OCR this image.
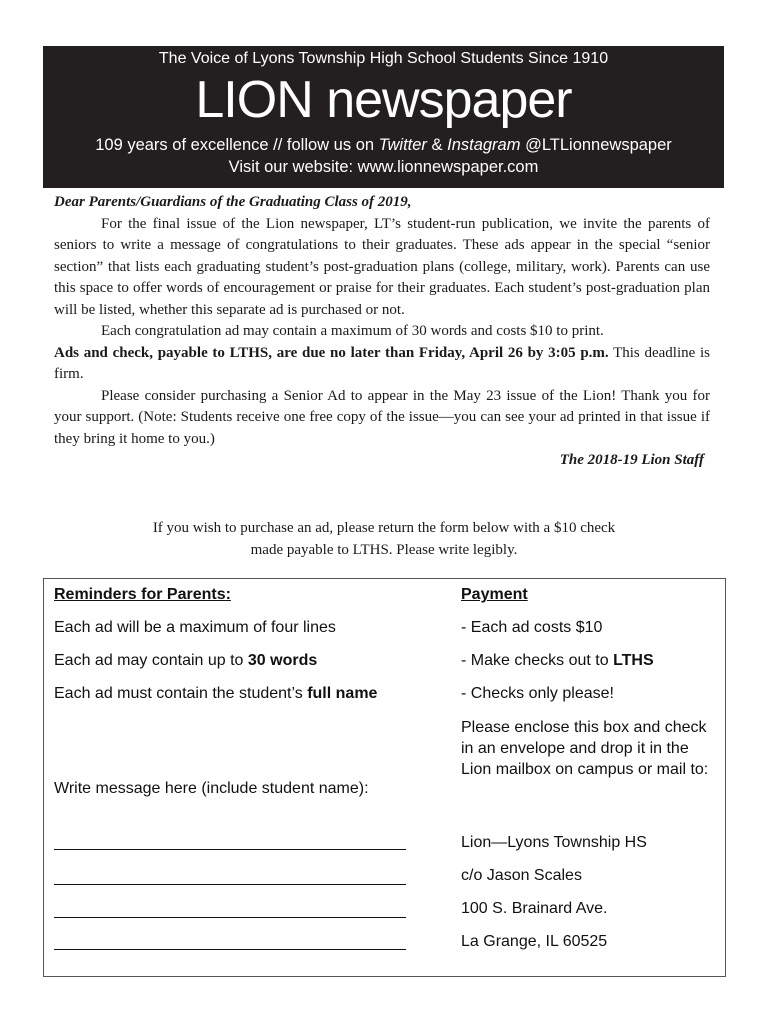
The Voice of Lyons Township High School Students Since 1910
LION newspaper
109 years of excellence // follow us on Twitter & Instagram @LTLionnewspaper
Visit our website: www.lionnewspaper.com

Dear Parents/Guardians of the Graduating Class of 2019,

For the final issue of the Lion newspaper, LT’s student-run publication, we invite the parents of seniors to write a message of congratulations to their graduates. These ads appear in the special “senior section” that lists each graduating student’s post-graduation plans (college, military, work). Parents can use this space to offer words of encouragement or praise for their graduates. Each student’s post-graduation plan will be listed, whether this separate ad is purchased or not.

Each congratulation ad may contain a maximum of 30 words and costs $10 to print.

Ads and check, payable to LTHS, are due no later than Friday, April 26 by 3:05 p.m. This deadline is firm.

Please consider purchasing a Senior Ad to appear in the May 23 issue of the Lion! Thank you for your support. (Note: Students receive one free copy of the issue—you can see your ad printed in that issue if they bring it home to you.)

The 2018-19 Lion Staff

If you wish to purchase an ad, please return the form below with a $10 check
made payable to LTHS. Please write legibly.
Reminders for Parents:
Each ad will be a maximum of four lines
Each ad may contain up to 30 words
Each ad must contain the student’s full name
Write message here (include student name):
Payment
- Each ad costs $10
- Make checks out to LTHS
- Checks only please!
Please enclose this box and check in an envelope and drop it in the Lion mailbox on campus or mail to:
Lion—Lyons Township HS
c/o Jason Scales
100 S. Brainard Ave.
La Grange, IL 60525
